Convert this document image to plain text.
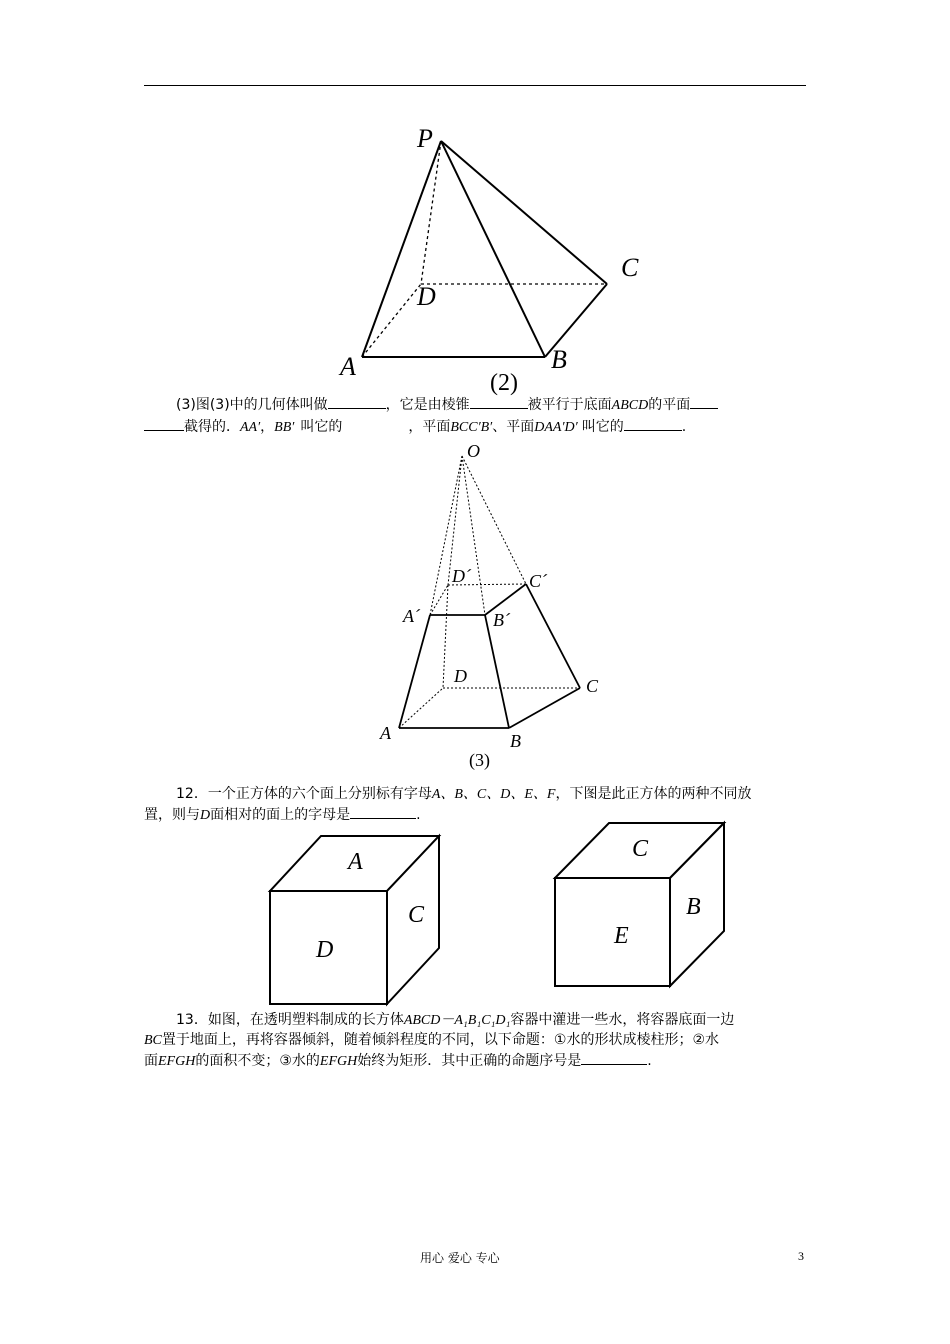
P
C
D
A	B
(2)
(3)图(3)中的几何体叫做	，它是由棱锥	被平行于底面ABCD的平面
截得的．AA′，BB′ 叫它的	，平面BCC′B′、平面DAA′D′ 叫它的	.
O
D´	C´
A´	B´
D	C
A	B
(3)
12．一个正方体的六个面上分别标有字母A、B、C、D、E、F，下图是此正方体的两种不同放
置，则与D面相对的面上的字母是	.
A
C
D
C
B
E
13．如图，在透明塑料制成的长方体ABCD－A₁B₁C₁D₁容器中灌进一些水，将容器底面一边
BC置于地面上，再将容器倾斜，随着倾斜程度的不同，以下命题：①水的形状成棱柱形；②水
面EFGH的面积不变；③水的EFGH始终为矩形．其中正确的命题序号是	.
用心 爱心 专心	3
